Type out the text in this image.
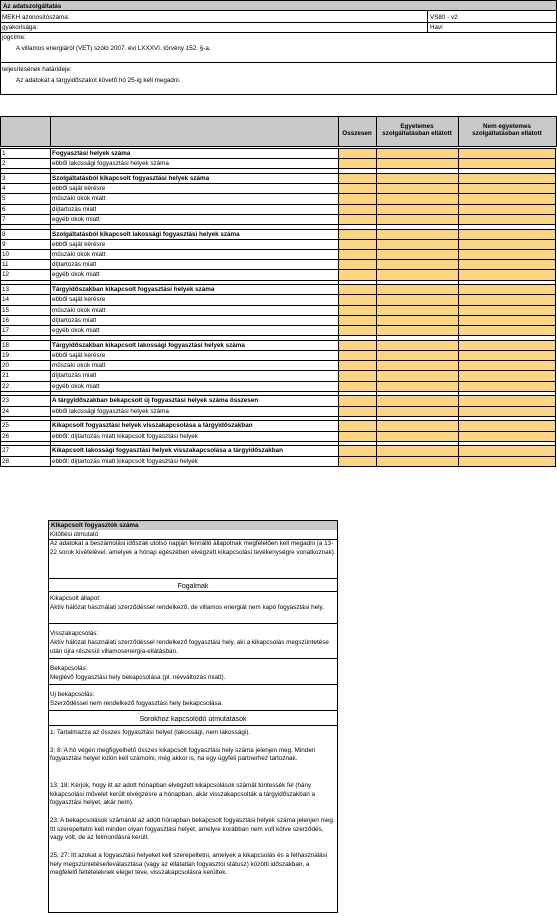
Az adatszolgáltatás
MEKH azonosítószáma:	VS80 - v2
gyakorisága:	Havi
jogcíme:
A villamos energiáról (VET) szóló 2007. évi LXXXVI. törvény 152. §-a.
teljesítésének határideje:
Az adatokat a tárgyidőszakot követő hó 25-ig kell megadni.
Összesen
Egyetemes szolgáltatásban ellátott
Nem egyetemes szolgáltatásban ellátott
1	Fogyasztási helyek száma
2	ebből lakossági fogyasztási helyek száma
3	Szolgáltatásból kikapcsolt fogyasztási helyek száma
4	ebből saját kérésre
5	műszaki okok miatt
6	díjtartozás miatt
7	egyéb okok miatt
8	Szolgáltatásból kikapcsolt lakossági fogyasztási helyek száma
9	ebből saját kérésre
10	műszaki okok miatt
11	díjtartozás miatt
12	egyéb okok miatt
13	Tárgyidőszakban kikapcsolt fogyasztási helyek száma
14	ebből saját kérésre
15	műszaki okok miatt
16	díjtartozás miatt
17	egyéb okok miatt
18	Tárgyidőszakban kikapcsolt lakossági fogyasztási helyek száma
19	ebből saját kérésre
20	műszaki okok miatt
21	díjtartozás miatt
22	egyéb okok miatt
23	A tárgyidőszakban bekapcsolt új fogyasztási helyek száma összesen
24	ebből lakossági fogyasztási helyek száma
25	Kikapcsolt fogyasztási helyek visszakapcsolása a tárgyidőszakban
26	ebből: díjtartozás miatt kikapcsolt fogyasztási helyek
27	Kikapcsolt lakossági fogyasztási helyek visszakapcsolása a tárgyidőszakban
28	ebből: díjtartozás miatt kikapcsolt fogyasztási helyek
Kikapcsolt fogyasztók száma
Kitöltési útmutató
Az adatokat a beszámolási időszak utolsó napján fennálló állapotnak megfelelően kell megadni (a 13-22 sorok kivételével, amelyek a hónap egészében elvégzett kikapcsolási tevékenységre vonatkoznak).
Fogalmak
Kikapcsolt állapot:
Aktív hálózat használati szerződéssel rendelkező, de villamos energiát nem kapó fogyasztási hely.
Visszakapcsolás:
Aktív hálózat használati szerződéssel rendelkező fogyasztási hely, aki a kikapcsolás megszüntetése után újra részesül villamosenergia-ellátásban.
Bekapcsolás:
Meglévő fogyasztási hely bekapcsolása (pl. névváltozás miatt).
Új bekapcsolás:
Szerződéssel nem rendelkező fogyasztási hely bekapcsolása.
Sorokhoz kapcsolódó útmutatások
1: Tartalmazza az összes fogyasztási helyet (lakossági, nem lakossági).
3; 8: A hó végén megfigyelhető összes kikapcsolt fogyasztási hely száma jelenjen meg. Minden fogyasztási helyet külön kell számolni, még akkor is, ha egy ügyfeli partnerhez tartoznak.
13; 18: Kérjük, hogy itt az adott hónapban elvégzett kikapcsolások számát tüntessék fel (hány kikapcsolási művelet került elvégzésre a hónapban, akár visszakapcsolták a tárgyidőszakban a fogyasztási helyet, akár nem).
23: A bekapcsolások számánál az adott hónapban bekapcsolt fogyasztási helyek száma jelenjen meg. Itt szerepeltetni kell minden olyan fogyasztási helyet, amelyre korábban nem volt kötve szerződés, vagy volt, de az felmondásra került.
25; 27: Itt azokat a fogyasztási helyeket kell szerepeltetni, amelyek a kikapcsolás és a felhasználási hely megszüntetése/leválasztása (vagy az ellátatlan fogyasztói státusz) közötti időszakban, a megfelelő feltételeknek eleget téve, visszakapcsolásra kerültek.
